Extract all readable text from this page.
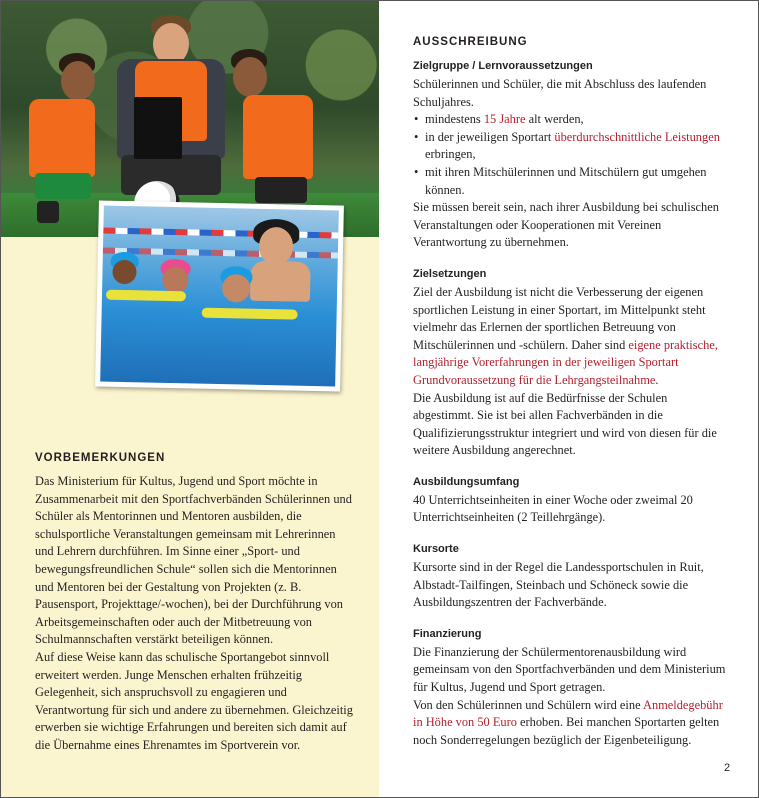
VORBEMERKUNGEN

Das Ministerium für Kultus, Jugend und Sport möchte in Zusammenarbeit mit den Sportfachverbänden Schülerinnen und Schüler als Mentorinnen und Mentoren ausbilden, die schulsportliche Veranstaltungen gemeinsam mit Lehrerinnen und Lehrern durchführen. Im Sinne einer „Sport- und bewegungsfreundlichen Schule“ sollen sich die Mentorinnen und Mentoren bei der Gestaltung von Projekten (z. B. Pausensport, Projekttage/-wochen), bei der Durchführung von Arbeitsgemeinschaften oder auch der Mitbetreuung von Schulmannschaften verstärkt beteiligen können.

Auf diese Weise kann das schulische Sportangebot sinnvoll erweitert werden. Junge Menschen erhalten frühzeitig Gelegenheit, sich anspruchsvoll zu engagieren und Verantwortung für sich und andere zu übernehmen. Gleichzeitig erwerben sie wichtige Erfahrungen und bereiten sich damit auf die Übernahme eines Ehrenamtes im Sportverein vor.

AUSSCHREIBUNG
Zielgruppe / Lernvoraussetzungen

Schülerinnen und Schüler, die mit Abschluss des laufenden Schuljahres.

• mindestens 15 Jahre alt werden,
• in der jeweiligen Sportart überdurchschnittliche Leistungen erbringen,
• mit ihren Mitschülerinnen und Mitschülern gut umgehen können.

Sie müssen bereit sein, nach ihrer Ausbildung bei schulischen Veranstaltungen oder Kooperationen mit Vereinen Verantwortung zu übernehmen.

Zielsetzungen

Ziel der Ausbildung ist nicht die Verbesserung der eigenen sportlichen Leistung in einer Sportart, im Mittelpunkt steht vielmehr das Erlernen der sportlichen Betreuung von Mitschülerinnen und -schülern. Daher sind eigene praktische, langjährige Vorerfahrungen in der jeweiligen Sportart Grundvoraussetzung für die Lehrgangsteilnahme.

Die Ausbildung ist auf die Bedürfnisse der Schulen abgestimmt. Sie ist bei allen Fachverbänden in die Qualifizierungsstruktur integriert und wird von diesen für die weitere Ausbildung angerechnet.

Ausbildungsumfang

40 Unterrichtseinheiten in einer Woche oder zweimal 20 Unterrichtseinheiten (2 Teillehrgänge).

Kursorte

Kursorte sind in der Regel die Landessportschulen in Ruit, Albstadt-Tailfingen, Steinbach und Schöneck sowie die Ausbildungszentren der Fachverbände.

Finanzierung

Die Finanzierung der Schülermentorenausbildung wird gemeinsam von den Sportfachverbänden und dem Ministerium für Kultus, Jugend und Sport getragen.

Von den Schülerinnen und Schülern wird eine Anmeldegebühr in Höhe von 50 Euro erhoben. Bei manchen Sportarten gelten noch Sonderregelungen bezüglich der Eigenbeteiligung.

2
